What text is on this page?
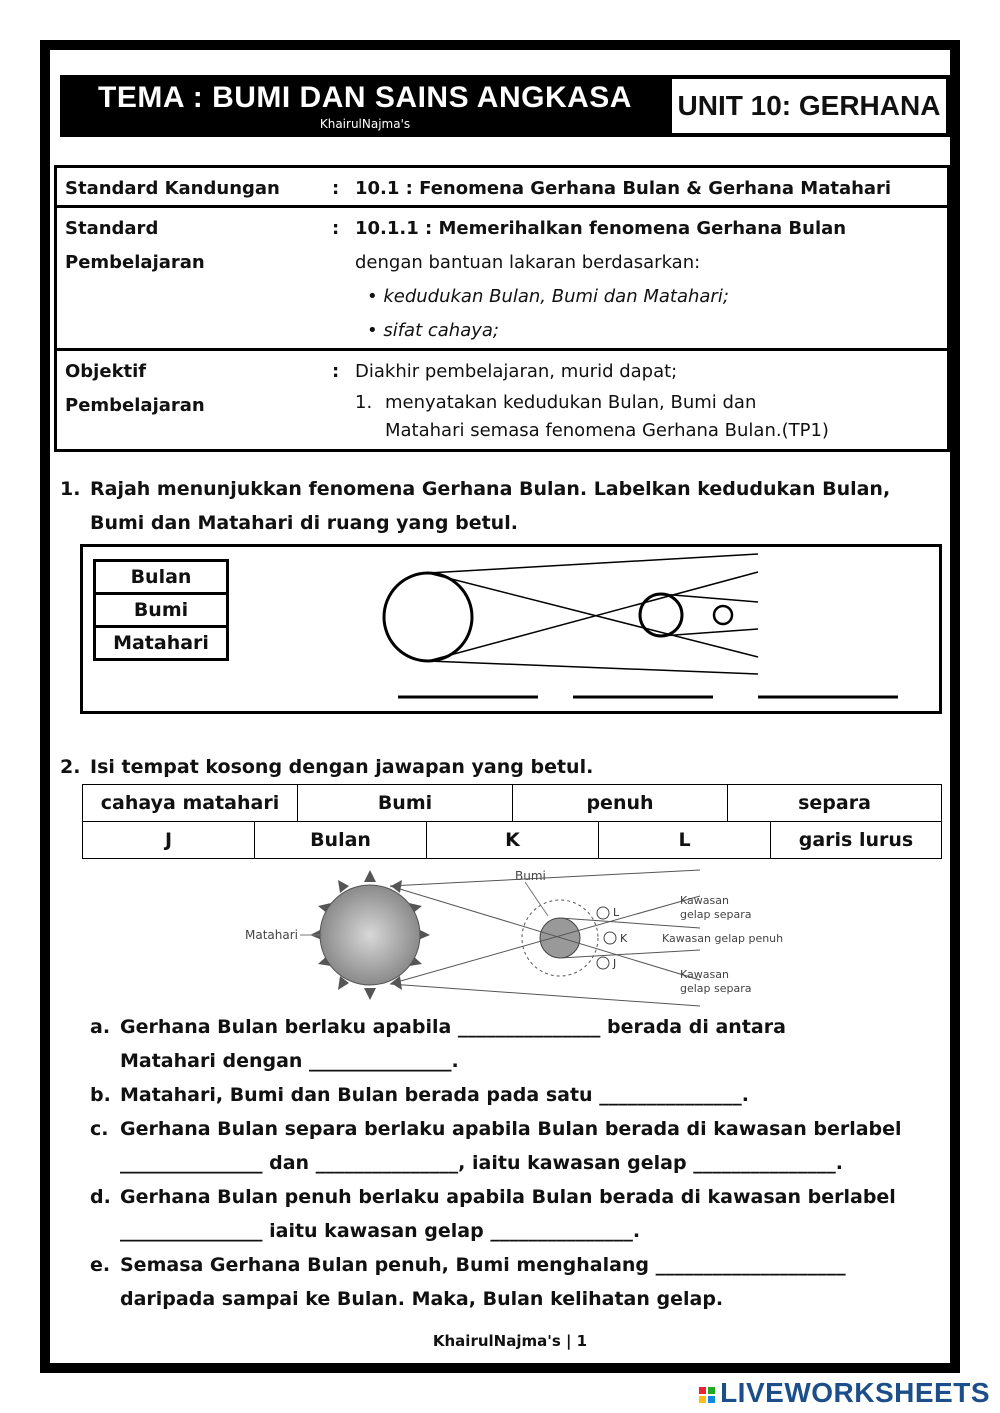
TEMA : BUMI DAN SAINS ANGKASA
KhairulNajma's
UNIT 10: GERHANA
Standard Kandungan	: 10.1 : Fenomena Gerhana Bulan & Gerhana Matahari
Standard
Pembelajaran
: 10.1.1 : Memerihalkan fenomena Gerhana Bulan
dengan bantuan lakaran berdasarkan:
• kedudukan Bulan, Bumi dan Matahari;
• sifat cahaya;
Objektif
Pembelajaran
: Diakhir pembelajaran, murid dapat;
1. menyatakan kedudukan Bulan, Bumi dan
Matahari semasa fenomena Gerhana Bulan.(TP1)
1. Rajah menunjukkan fenomena Gerhana Bulan. Labelkan kedudukan Bulan,
Bumi dan Matahari di ruang yang betul.
Bulan
Bumi
Matahari
2. Isi tempat kosong dengan jawapan yang betul.
cahaya matahari	Bumi	penuh	separa
J	Bulan	K	L	garis lurus
Matahari
Bumi
L
K
J
Kawasan
gelap separa
Kawasan gelap penuh
Kawasan
gelap separa
a. Gerhana Bulan berlaku apabila _______________ berada di antara
Matahari dengan _______________.
b. Matahari, Bumi dan Bulan berada pada satu _______________.
c. Gerhana Bulan separa berlaku apabila Bulan berada di kawasan berlabel
_______________ dan _______________, iaitu kawasan gelap _______________.
d. Gerhana Bulan penuh berlaku apabila Bulan berada di kawasan berlabel
_______________ iaitu kawasan gelap _______________.
e. Semasa Gerhana Bulan penuh, Bumi menghalang ____________________
daripada sampai ke Bulan. Maka, Bulan kelihatan gelap.
KhairulNajma's | 1

LIVEWORKSHEETS
